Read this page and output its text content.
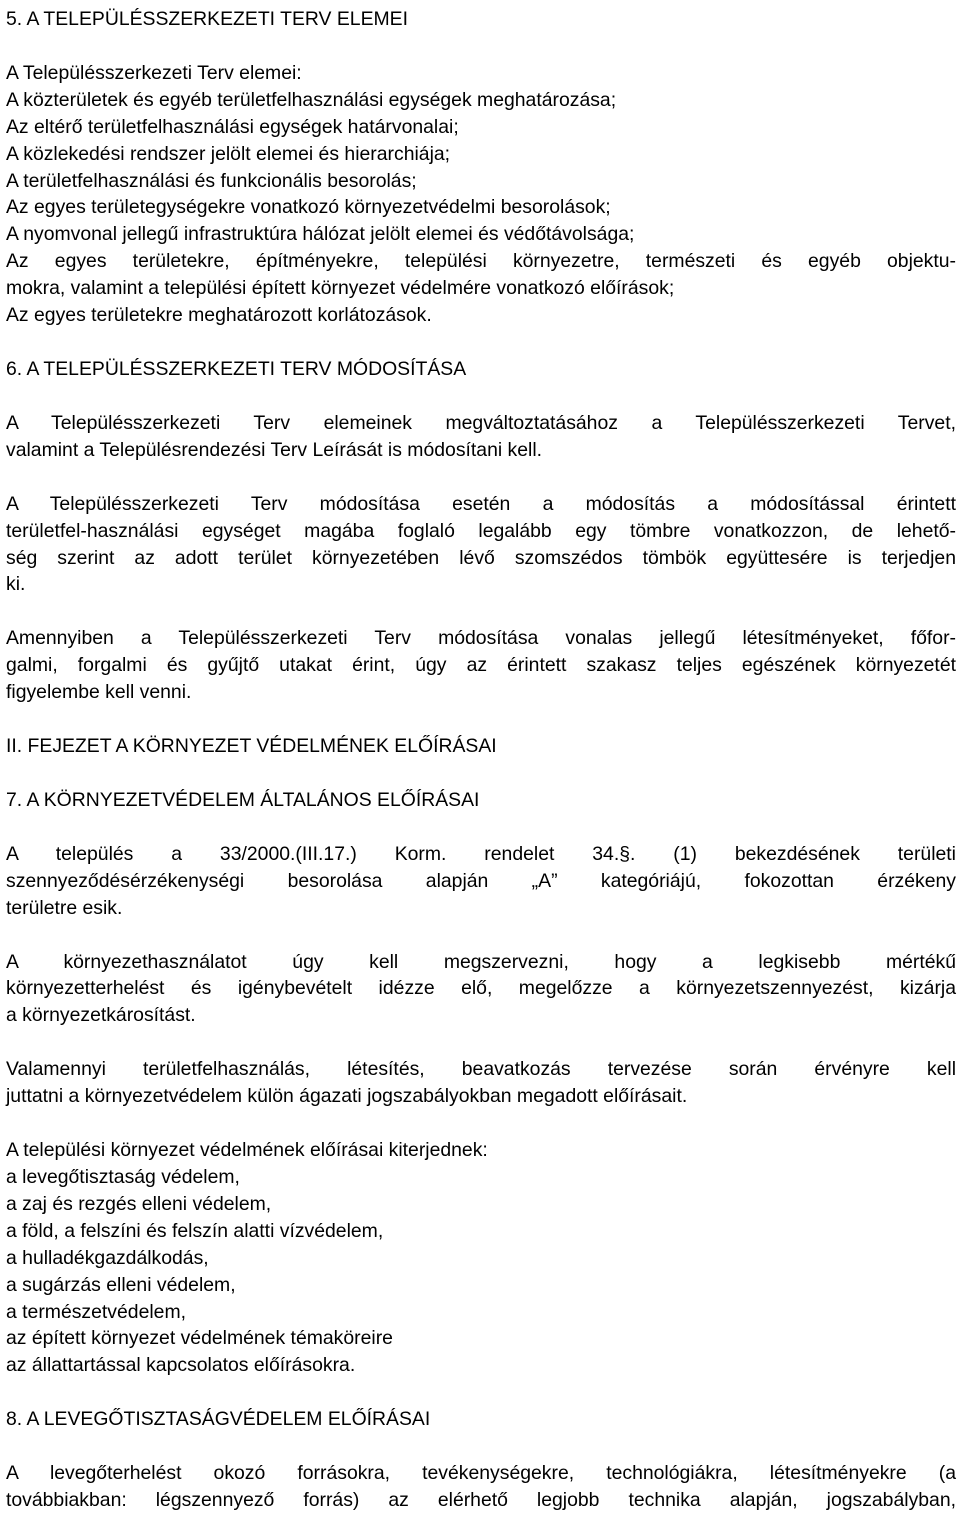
5. A TELEPÜLÉSSZERKEZETI TERV ELEMEI
A Településszerkezeti Terv elemei:
A közterületek és egyéb területfelhasználási egységek meghatározása;
Az eltérő területfelhasználási egységek határvonalai;
A közlekedési rendszer jelölt elemei és hierarchiája;
A területfelhasználási és funkcionális besorolás;
Az egyes területegységekre vonatkozó környezetvédelmi besorolások;
A nyomvonal jellegű infrastruktúra hálózat jelölt elemei és védőtávolsága;
Az egyes területekre, építményekre, települési környezetre, természeti és egyéb objektu-
mokra, valamint a települési épített környezet védelmére vonatkozó előírások;
Az egyes területekre meghatározott korlátozások.
6. A TELEPÜLÉSSZERKEZETI TERV MÓDOSÍTÁSA
A Településszerkezeti Terv elemeinek megváltoztatásához a Településszerkezeti Tervet,
valamint a Településrendezési Terv Leírását is módosítani kell.
A Településszerkezeti Terv módosítása esetén a módosítás a módosítással érintett
területfel-használási egységet magába foglaló legalább egy tömbre vonatkozzon, de lehető-
ség szerint az adott terület környezetében lévő szomszédos tömbök együttesére is terjedjen
ki.
Amennyiben a Településszerkezeti Terv módosítása vonalas jellegű létesítményeket, főfor-
galmi, forgalmi és gyűjtő utakat érint, úgy az érintett szakasz teljes egészének környezetét
figyelembe kell venni.
II. FEJEZET A KÖRNYEZET VÉDELMÉNEK ELŐÍRÁSAI
7. A KÖRNYEZETVÉDELEM ÁLTALÁNOS ELŐÍRÁSAI
A település a 33/2000.(III.17.) Korm. rendelet 34.§. (1) bekezdésének területi
szennyeződésérzékenységi besorolása alapján „A” kategóriájú, fokozottan érzékeny
területre esik.
A környezethasználatot úgy kell megszervezni, hogy a legkisebb mértékű
környezetterhelést és igénybevételt idézze elő, megelőzze a környezetszennyezést, kizárja
a környezetkárosítást.
Valamennyi területfelhasználás, létesítés, beavatkozás tervezése során érvényre kell
juttatni a környezetvédelem külön ágazati jogszabályokban megadott előírásait.
A települési környezet védelmének előírásai kiterjednek:
a levegőtisztaság védelem,
a zaj és rezgés elleni védelem,
a föld, a felszíni és felszín alatti vízvédelem,
a hulladékgazdálkodás,
a sugárzás elleni védelem,
a természetvédelem,
az épített környezet védelmének témaköreire
az állattartással kapcsolatos előírásokra.
8. A LEVEGŐTISZTASÁGVÉDELEM ELŐÍRÁSAI
A levegőterhelést okozó forrásokra, tevékenységekre, technológiákra, létesítményekre (a
továbbiakban: légszennyező forrás) az elérhető legjobb technika alapján, jogszabályban,
